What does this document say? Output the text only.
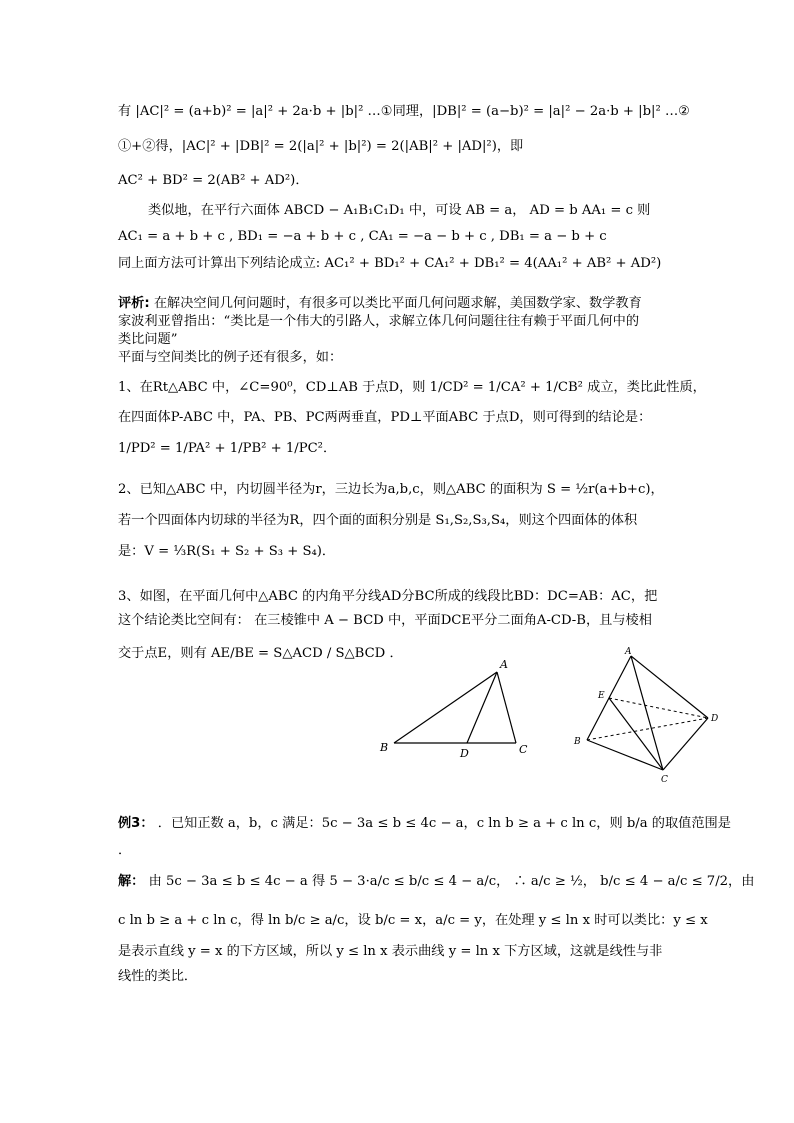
有 |AC|² = (a+b)² = |a|² + 2a·b + |b|² …①同理，|DB|² = (a−b)² = |a|² − 2a·b + |b|² …②
①+②得，|AC|² + |DB|² = 2(|a|² + |b|²) = 2(|AB|² + |AD|²)，即
AC² + BD² = 2(AB² + AD²)．
类似地，在平行六面体 ABCD − A₁B₁C₁D₁ 中，可设 AB = a， AD = b AA₁ = c 则
AC₁ = a + b + c , BD₁ = −a + b + c , CA₁ = −a − b + c , DB₁ = a − b + c
同上面方法可计算出下列结论成立: AC₁² + BD₁² + CA₁² + DB₁² = 4(AA₁² + AB² + AD²)
评析: 在解决空间几何问题时，有很多可以类比平面几何问题求解，美国数学家、数学教育
家波利亚曾指出：“类比是一个伟大的引路人，求解立体几何问题往往有赖于平面几何中的
类比问题”
平面与空间类比的例子还有很多，如：
1、在Rt△ABC 中，∠C=90⁰，CD⊥AB 于点D，则 1/CD² = 1/CA² + 1/CB² 成立，类比此性质，
在四面体P-ABC 中，PA、PB、PC两两垂直，PD⊥平面ABC 于点D，则可得到的结论是：
1/PD² = 1/PA² + 1/PB² + 1/PC²．
2、已知△ABC 中，内切圆半径为r，三边长为a,b,c，则△ABC 的面积为 S = ½r(a+b+c)，
若一个四面体内切球的半径为R，四个面的面积分别是 S₁,S₂,S₃,S₄，则这个四面体的体积
是：V = ⅓R(S₁ + S₂ + S₃ + S₄)．
3、如图，在平面几何中△ABC 的内角平分线AD分BC所成的线段比BD：DC=AB：AC，把
这个结论类比空间有： 在三棱锥中 A − BCD 中，平面DCE平分二面角A-CD-B，且与棱相
交于点E，则有 AE/BE = S△ACD / S△BCD ．
A
B	C
D
A
B
C
D
E
例3： ．已知正数 a，b，c 满足：5c − 3a ≤ b ≤ 4c − a，c ln b ≥ a + c ln c，则 b/a 的取值范围是
．
解： 由 5c − 3a ≤ b ≤ 4c − a 得 5 − 3·a/c ≤ b/c ≤ 4 − a/c， ∴ a/c ≥ ½， b/c ≤ 4 − a/c ≤ 7/2，由
c ln b ≥ a + c ln c，得 ln b/c ≥ a/c，设 b/c = x，a/c = y，在处理 y ≤ ln x 时可以类比：y ≤ x
是表示直线 y = x 的下方区域，所以 y ≤ ln x 表示曲线 y = ln x 下方区域，这就是线性与非
线性的类比．
